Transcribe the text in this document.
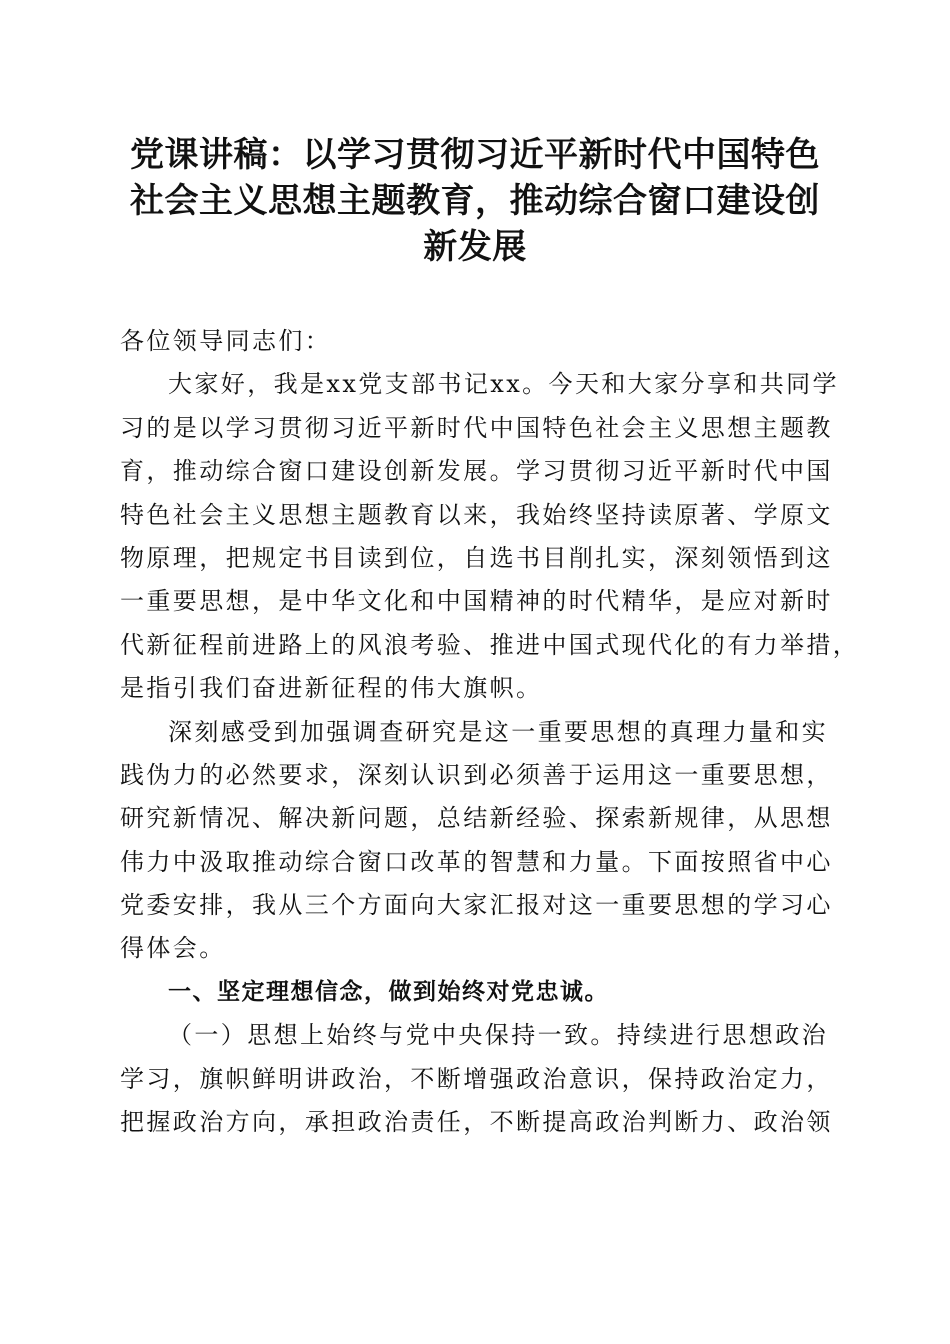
党课讲稿：以学习贯彻习近平新时代中国特色
社会主义思想主题教育，推动综合窗口建设创
新发展
各位领导同志们：
大家好，我是xx党支部书记xx。今天和大家分享和共同学
习的是以学习贯彻习近平新时代中国特色社会主义思想主题教
育，推动综合窗口建设创新发展。学习贯彻习近平新时代中国
特色社会主义思想主题教育以来，我始终坚持读原著、学原文
物原理，把规定书目读到位，自选书目削扎实，深刻领悟到这
一重要思想，是中华文化和中国精神的时代精华，是应对新时
代新征程前进路上的风浪考验、推进中国式现代化的有力举措，
是指引我们奋进新征程的伟大旗帜。
深刻感受到加强调查研究是这一重要思想的真理力量和实
践伪力的必然要求，深刻认识到必须善于运用这一重要思想，
研究新情况、解决新问题，总结新经验、探索新规律，从思想
伟力中汲取推动综合窗口改革的智慧和力量。下面按照省中心
党委安排，我从三个方面向大家汇报对这一重要思想的学习心
得体会。
一、坚定理想信念，做到始终对党忠诚。
（一）思想上始终与党中央保持一致。持续进行思想政治
学习，旗帜鲜明讲政治，不断增强政治意识，保持政治定力，
把握政治方向，承担政治责任，不断提高政治判断力、政治领
